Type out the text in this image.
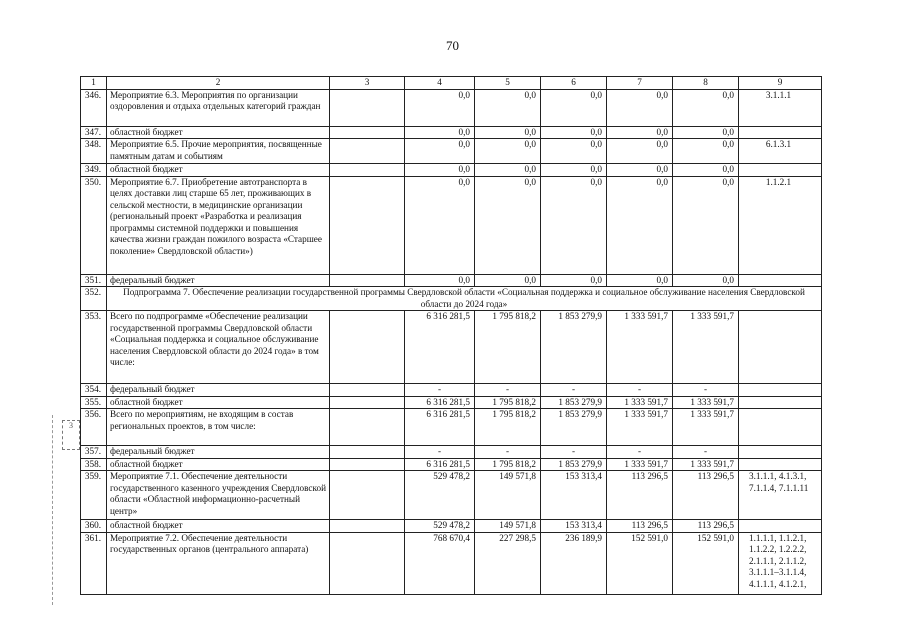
70
1	2	3	4	5	6	7	8	9
346.	Мероприятие 6.3. Мероприятия по организации оздоровления и отдыха отдельных категорий граждан		0,0	0,0	0,0	0,0	0,0	3.1.1.1
347.	областной бюджет		0,0	0,0	0,0	0,0	0,0	
348.	Мероприятие 6.5. Прочие мероприятия, посвященные памятным датам и событиям		0,0	0,0	0,0	0,0	0,0	6.1.3.1
349.	областной бюджет		0,0	0,0	0,0	0,0	0,0	
350.	Мероприятие 6.7. Приобретение автотранспорта в целях доставки лиц старше 65 лет, проживающих в сельской местности, в медицинские организации (региональный проект «Разработка и реализация программы системной поддержки и повышения качества жизни граждан пожилого возраста «Старшее поколение» Свердловской области»)		0,0	0,0	0,0	0,0	0,0	1.1.2.1
351.	федеральный бюджет		0,0	0,0	0,0	0,0	0,0	
352.	Подпрограмма 7. Обеспечение реализации государственной программы Свердловской области «Социальная поддержка и социальное обслуживание населения Свердловской области до 2024 года»							
353.	Всего по подпрограмме «Обеспечение реализации государственной программы Свердловской области «Социальная поддержка и социальное обслуживание населения Свердловской области до 2024 года» в том числе:		6 316 281,5	1 795 818,2	1 853 279,9	1 333 591,7	1 333 591,7	
354.	федеральный бюджет		-	-	-	-	-	
355.	областной бюджет		6 316 281,5	1 795 818,2	1 853 279,9	1 333 591,7	1 333 591,7	
356.	Всего по мероприятиям, не входящим в состав региональных проектов, в том числе:		6 316 281,5	1 795 818,2	1 853 279,9	1 333 591,7	1 333 591,7	
357.	федеральный бюджет		-	-	-	-	-	
358.	областной бюджет		6 316 281,5	1 795 818,2	1 853 279,9	1 333 591,7	1 333 591,7	
359.	Мероприятие 7.1. Обеспечение деятельности государственного казенного учреждения Свердловской области «Областной информационно-расчетный центр»		529 478,2	149 571,8	153 313,4	113 296,5	113 296,5	3.1.1.1, 4.1.3.1, 7.1.1.4, 7.1.1.11
360.	областной бюджет		529 478,2	149 571,8	153 313,4	113 296,5	113 296,5	
361.	Мероприятие 7.2. Обеспечение деятельности государственных органов (центрального аппарата)		768 670,4	227 298,5	236 189,9	152 591,0	152 591,0	1.1.1.1, 1.1.2.1, 1.1.2.2, 1.2.2.2, 2.1.1.1, 2.1.1.2, 3.1.1.1–3.1.1.4, 4.1.1.1, 4.1.2.1,
3
